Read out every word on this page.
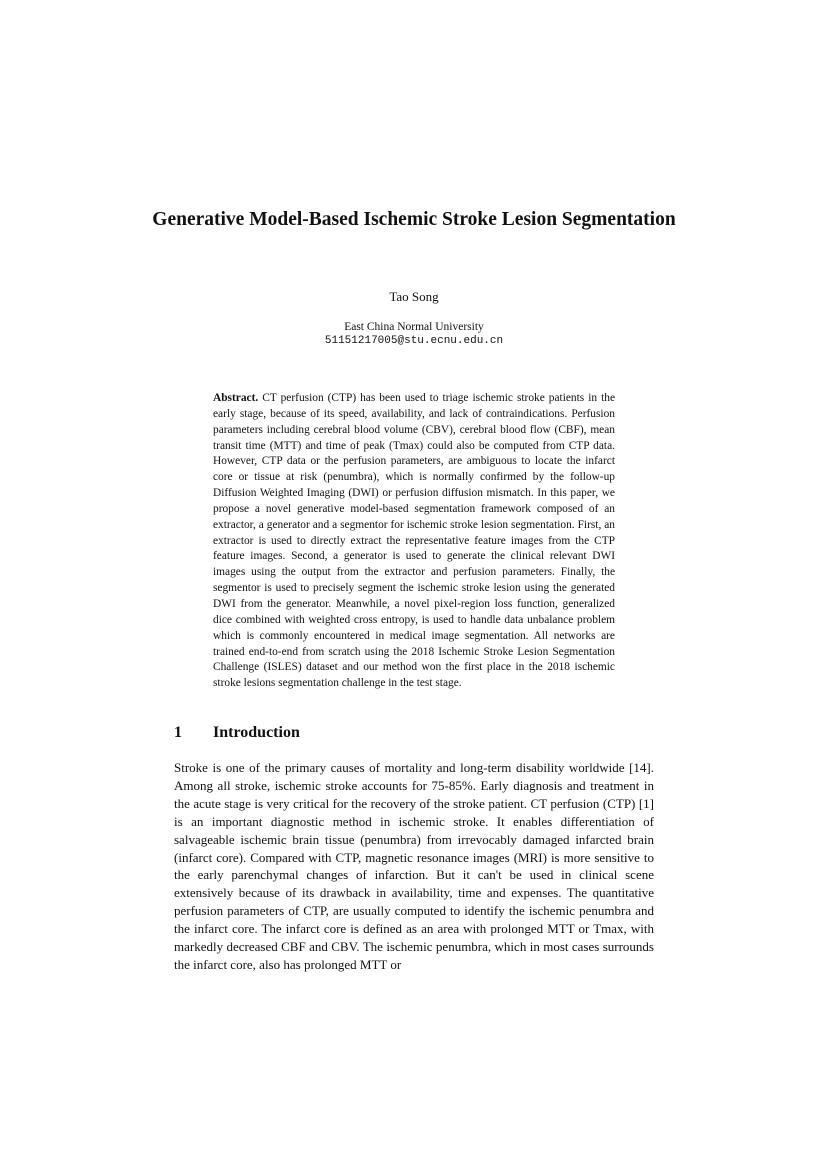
Generative Model-Based Ischemic Stroke Lesion Segmentation
Tao Song
East China Normal University
51151217005@stu.ecnu.edu.cn
Abstract. CT perfusion (CTP) has been used to triage ischemic stroke patients in the early stage, because of its speed, availability, and lack of contraindications. Perfusion parameters including cerebral blood volume (CBV), cerebral blood flow (CBF), mean transit time (MTT) and time of peak (Tmax) could also be computed from CTP data. However, CTP data or the perfusion parameters, are ambiguous to locate the infarct core or tissue at risk (penumbra), which is normally confirmed by the follow-up Diffusion Weighted Imaging (DWI) or perfusion diffusion mismatch. In this paper, we propose a novel generative model-based segmentation framework composed of an extractor, a generator and a segmentor for ischemic stroke lesion segmentation. First, an extractor is used to directly extract the representative feature images from the CTP feature images. Second, a generator is used to generate the clinical relevant DWI images using the output from the extractor and perfusion parameters. Finally, the segmentor is used to precisely segment the ischemic stroke lesion using the generated DWI from the generator. Meanwhile, a novel pixel-region loss function, generalized dice combined with weighted cross entropy, is used to handle data unbalance problem which is commonly encountered in medical image segmentation. All networks are trained end-to-end from scratch using the 2018 Ischemic Stroke Lesion Segmentation Challenge (ISLES) dataset and our method won the first place in the 2018 ischemic stroke lesions segmentation challenge in the test stage.
1 Introduction
Stroke is one of the primary causes of mortality and long-term disability worldwide [14]. Among all stroke, ischemic stroke accounts for 75-85%. Early diagnosis and treatment in the acute stage is very critical for the recovery of the stroke patient. CT perfusion (CTP) [1] is an important diagnostic method in ischemic stroke. It enables differentiation of salvageable ischemic brain tissue (penumbra) from irrevocably damaged infarcted brain (infarct core). Compared with CTP, magnetic resonance images (MRI) is more sensitive to the early parenchymal changes of infarction. But it can't be used in clinical scene extensively because of its drawback in availability, time and expenses. The quantitative perfusion parameters of CTP, are usually computed to identify the ischemic penumbra and the infarct core. The infarct core is defined as an area with prolonged MTT or Tmax, with markedly decreased CBF and CBV. The ischemic penumbra, which in most cases surrounds the infarct core, also has prolonged MTT or
